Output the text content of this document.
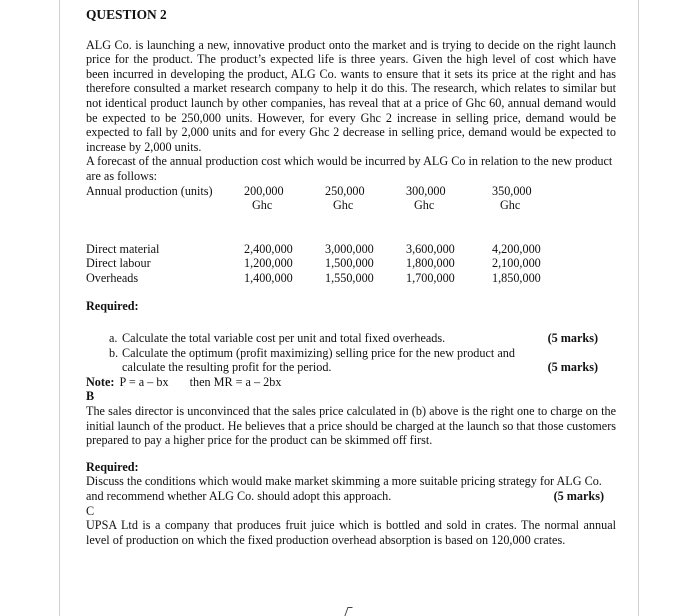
QUESTION 2

ALG Co. is launching a new, innovative product onto the market and is trying to decide on the right launch price for the product. The product’s expected life is three years. Given the high level of cost which have been incurred in developing the product, ALG Co. wants to ensure that it sets its price at the right and has therefore consulted a market research company to help it do this. The research, which relates to similar but not identical product launch by other companies, has reveal that at a price of Ghc 60, annual demand would be expected to be 250,000 units. However, for every Ghc 2 increase in selling price, demand would be expected to fall by 2,000 units and for every Ghc 2 decrease in selling price, demand would be expected to increase by 2,000 units.

A forecast of the annual production cost which would be incurred by ALG Co in relation to the new product are as follows:

Annual production (units)	200,000	250,000	300,000	350,000
	Ghc	Ghc	Ghc	Ghc

Direct material	2,400,000	3,000,000	3,600,000	4,200,000
Direct labour	1,200,000	1,500,000	1,800,000	2,100,000
Overheads	1,400,000	1,550,000	1,700,000	1,850,000

Required:

a. Calculate the total variable cost per unit and total fixed overheads.	(5 marks)
b. Calculate the optimum (profit maximizing) selling price for the new product and calculate the resulting profit for the period.	(5 marks)

Note: P = a – bx then MR = a – 2bx

B

The sales director is unconvinced that the sales price calculated in (b) above is the right one to charge on the initial launch of the product. He believes that a price should be charged at the launch so that those customers prepared to pay a higher price for the product can be skimmed off first.

Required:

Discuss the conditions which would make market skimming a more suitable pricing strategy for ALG Co. and recommend whether ALG Co. should adopt this approach.	(5 marks)

C

UPSA Ltd is a company that produces fruit juice which is bottled and sold in crates. The normal annual level of production on which the fixed production overhead absorption is based on 120,000 crates.
